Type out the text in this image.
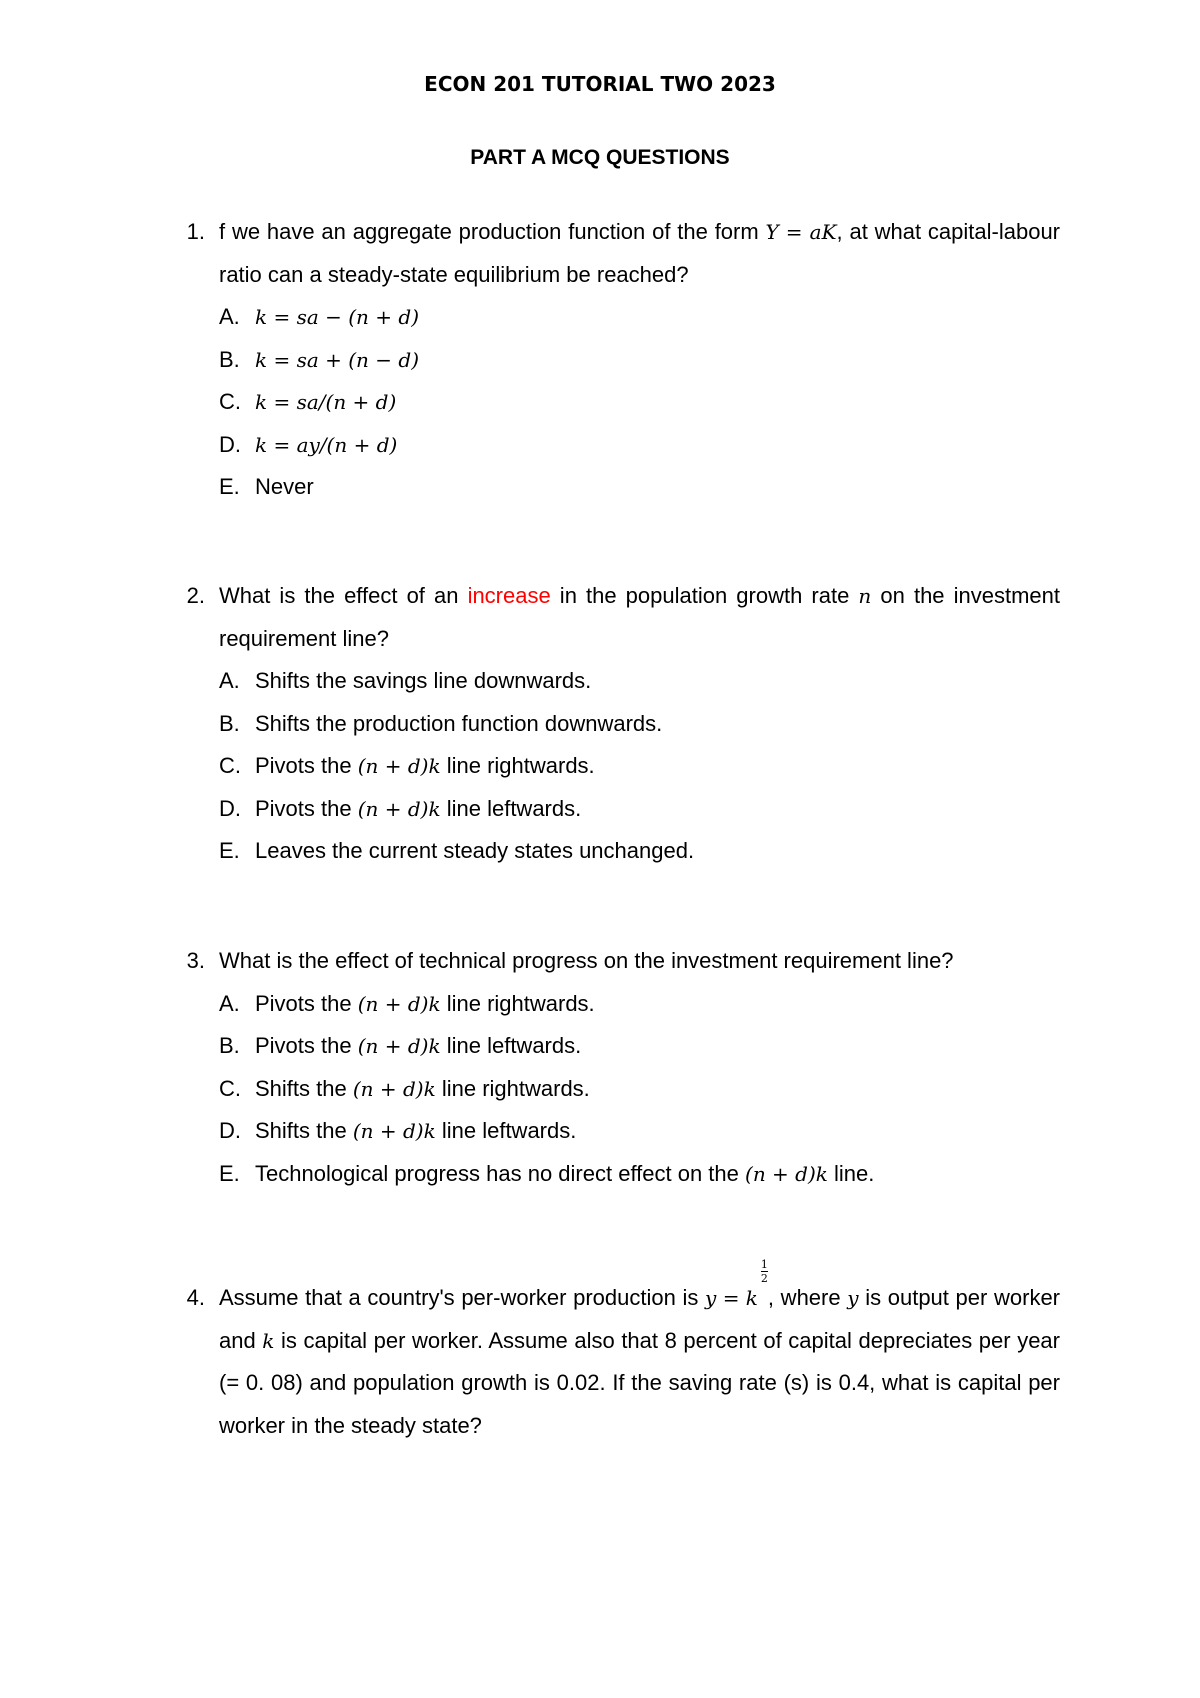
ECON 201 TUTORIAL TWO 2023
PART A MCQ QUESTIONS
1. f we have an aggregate production function of the form Y = aK, at what capital-labour ratio can a steady-state equilibrium be reached?
A. k = sa − (n + d)
B. k = sa + (n − d)
C. k = sa/(n + d)
D. k = ay/(n + d)
E. Never
2. What is the effect of an increase in the population growth rate n on the investment requirement line?
A. Shifts the savings line downwards.
B. Shifts the production function downwards.
C. Pivots the (n + d)k line rightwards.
D. Pivots the (n + d)k line leftwards.
E. Leaves the current steady states unchanged.
3. What is the effect of technical progress on the investment requirement line?
A. Pivots the (n + d)k line rightwards.
B. Pivots the (n + d)k line leftwards.
C. Shifts the (n + d)k line rightwards.
D. Shifts the (n + d)k line leftwards.
E. Technological progress has no direct effect on the (n + d)k line.
4. Assume that a country's per-worker production is y = k
1
2
, where y is output per worker and k is capital per worker. Assume also that 8 percent of capital depreciates per year (= 0. 08) and population growth is 0.02. If the saving rate (s) is 0.4, what is capital per worker in the steady state?
